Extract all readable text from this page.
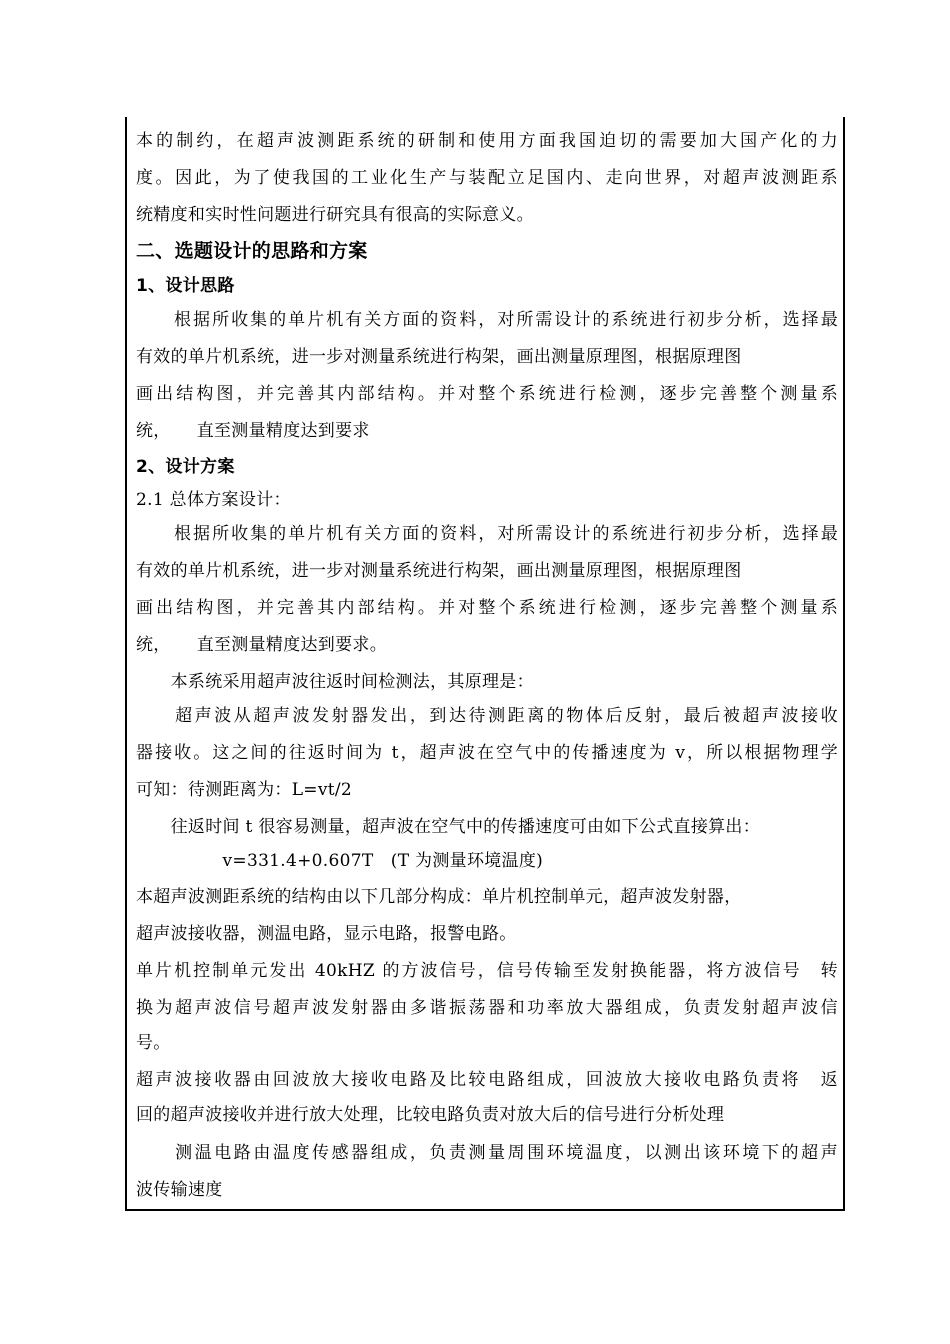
本的制约，在超声波测距系统的研制和使用方面我国迫切的需要加大国产化的力
度。因此，为了使我国的工业化生产与装配立足国内、走向世界，对超声波测距系
统精度和实时性问题进行研究具有很高的实际意义。
二、选题设计的思路和方案
1、设计思路
　　根据所收集的单片机有关方面的资料，对所需设计的系统进行初步分析，选择最
有效的单片机系统，进一步对测量系统进行构架，画出测量原理图，根据原理图
画出结构图，并完善其内部结构。并对整个系统进行检测，逐步完善整个测量系
统，　　直至测量精度达到要求
2、设计方案
2.1 总体方案设计：
　　根据所收集的单片机有关方面的资料，对所需设计的系统进行初步分析，选择最
有效的单片机系统，进一步对测量系统进行构架，画出测量原理图，根据原理图
画出结构图，并完善其内部结构。并对整个系统进行检测，逐步完善整个测量系
统，　　直至测量精度达到要求。
　　本系统采用超声波往返时间检测法，其原理是：
　　超声波从超声波发射器发出，到达待测距离的物体后反射，最后被超声波接收
器接收。这之间的往返时间为 t，超声波在空气中的传播速度为 v，所以根据物理学
可知：待测距离为：L=vt/2
　　往返时间 t 很容易测量，超声波在空气中的传播速度可由如下公式直接算出：
　　　　　v=331.4+0.607T　(T 为测量环境温度)
本超声波测距系统的结构由以下几部分构成：单片机控制单元，超声波发射器，
超声波接收器，测温电路，显示电路，报警电路。
单片机控制单元发出 40kHZ 的方波信号，信号传输至发射换能器，将方波信号　转
换为超声波信号超声波发射器由多谐振荡器和功率放大器组成，负责发射超声波信
号。
超声波接收器由回波放大接收电路及比较电路组成，回波放大接收电路负责将　返
回的超声波接收并进行放大处理，比较电路负责对放大后的信号进行分析处理
　　测温电路由温度传感器组成，负责测量周围环境温度，以测出该环境下的超声
波传输速度
